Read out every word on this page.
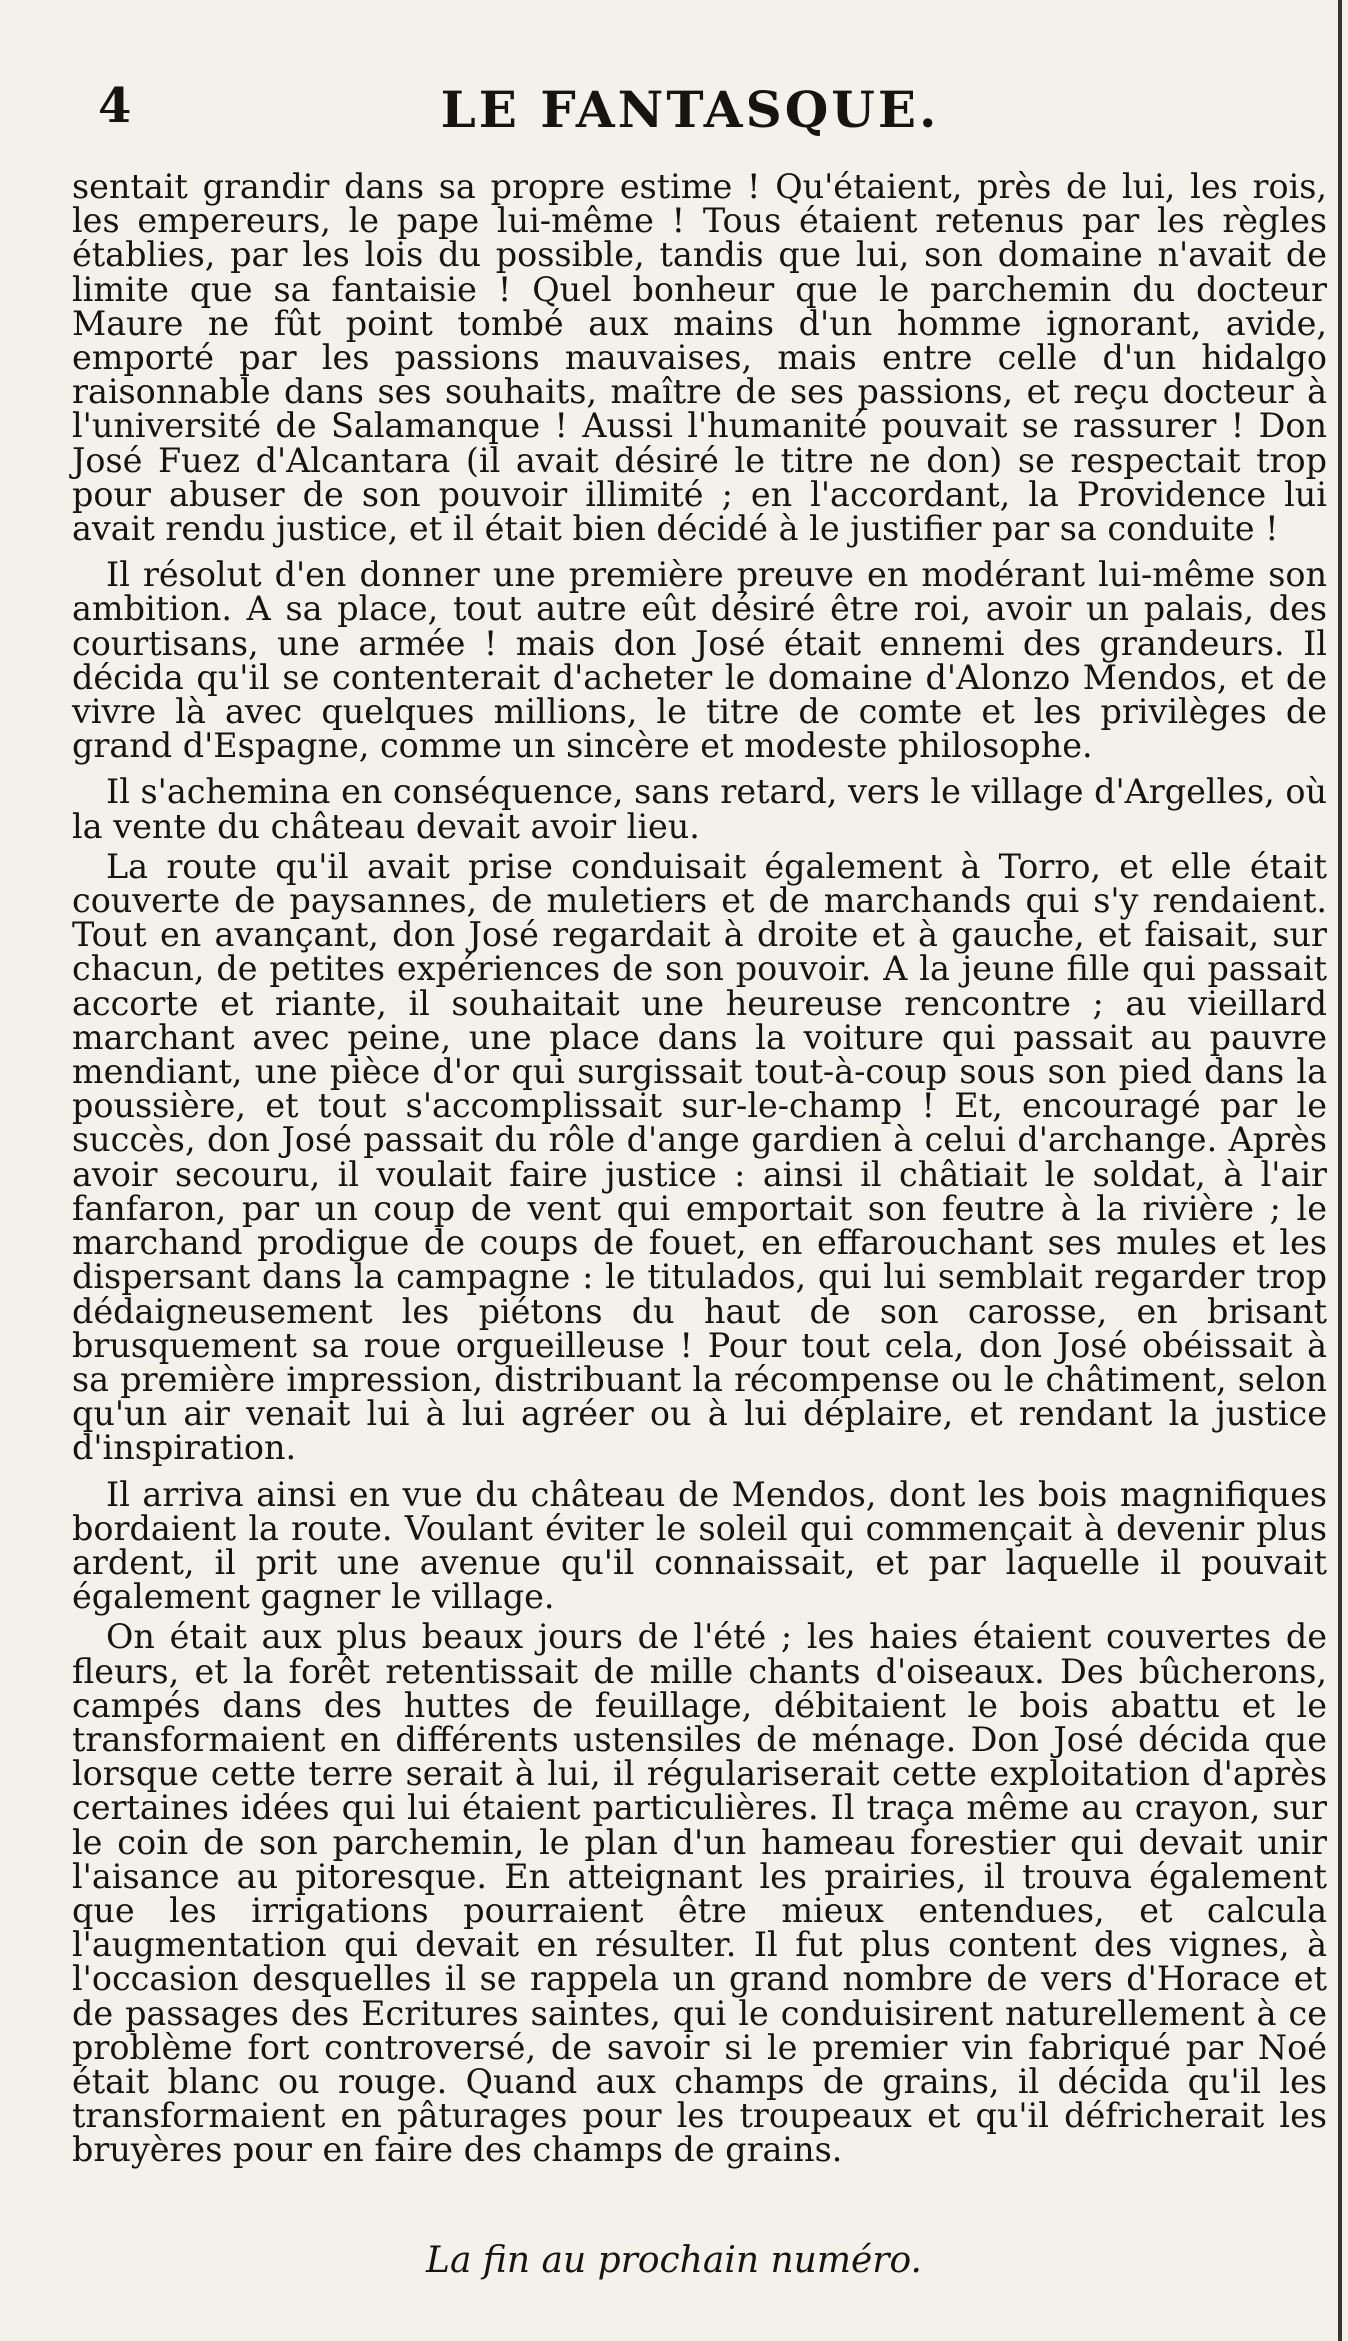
4	LE FANTASQUE.

sentait grandir dans sa propre estime ! Qu'étaient, près de lui, les rois, les empereurs, le pape lui-même ! Tous étaient retenus par les règles établies, par les lois du possible, tandis que lui, son domaine n'avait de limite que sa fantaisie ! Quel bonheur que le parchemin du docteur Maure ne fût point tombé aux mains d'un homme ignorant, avide, emporté par les passions mauvaises, mais entre celle d'un hidalgo raisonnable dans ses souhaits, maître de ses passions, et reçu docteur à l'université de Salamanque ! Aussi l'humanité pouvait se rassurer ! Don José Fuez d'Alcantara (il avait désiré le titre ne don) se respectait trop pour abuser de son pouvoir illimité ; en l'accordant, la Providence lui avait rendu justice, et il était bien décidé à le justifier par sa conduite !

Il résolut d'en donner une première preuve en modérant lui-même son ambition. A sa place, tout autre eût désiré être roi, avoir un palais, des courtisans, une armée ! mais don José était ennemi des grandeurs. Il décida qu'il se contenterait d'acheter le domaine d'Alonzo Mendos, et de vivre là avec quelques millions, le titre de comte et les privilèges de grand d'Espagne, comme un sincère et modeste philosophe.

Il s'achemina en conséquence, sans retard, vers le village d'Argelles, où la vente du château devait avoir lieu.

La route qu'il avait prise conduisait également à Torro, et elle était couverte de paysannes, de muletiers et de marchands qui s'y rendaient. Tout en avançant, don José regardait à droite et à gauche, et faisait, sur chacun, de petites expériences de son pouvoir. A la jeune fille qui passait accorte et riante, il souhaitait une heureuse rencontre ; au vieillard marchant avec peine, une place dans la voiture qui passait au pauvre mendiant, une pièce d'or qui surgissait tout-à-coup sous son pied dans la poussière, et tout s'accomplissait sur-le-champ ! Et, encouragé par le succès, don José passait du rôle d'ange gardien à celui d'archange. Après avoir secouru, il voulait faire justice : ainsi il châtiait le soldat, à l'air fanfaron, par un coup de vent qui emportait son feutre à la rivière ; le marchand prodigue de coups de fouet, en effarouchant ses mules et les dispersant dans la campagne : le titulados, qui lui semblait regarder trop dédaigneusement les piétons du haut de son carosse, en brisant brusquement sa roue orgueilleuse ! Pour tout cela, don José obéissait à sa première impression, distribuant la récompense ou le châtiment, selon qu'un air venait lui à lui agréer ou à lui déplaire, et rendant la justice d'inspiration.

Il arriva ainsi en vue du château de Mendos, dont les bois magnifiques bordaient la route. Voulant éviter le soleil qui commençait à devenir plus ardent, il prit une avenue qu'il connaissait, et par laquelle il pouvait également gagner le village.

On était aux plus beaux jours de l'été ; les haies étaient couvertes de fleurs, et la forêt retentissait de mille chants d'oiseaux. Des bûcherons, campés dans des huttes de feuillage, débitaient le bois abattu et le transformaient en différents ustensiles de ménage. Don José décida que lorsque cette terre serait à lui, il régulariserait cette exploitation d'après certaines idées qui lui étaient particulières. Il traça même au crayon, sur le coin de son parchemin, le plan d'un hameau forestier qui devait unir l'aisance au pitoresque. En atteignant les prairies, il trouva également que les irrigations pourraient être mieux entendues, et calcula l'augmentation qui devait en résulter. Il fut plus content des vignes, à l'occasion desquelles il se rappela un grand nombre de vers d'Horace et de passages des Ecritures saintes, qui le conduisirent naturellement à ce problème fort controversé, de savoir si le premier vin fabriqué par Noé était blanc ou rouge. Quand aux champs de grains, il décida qu'il les transformaient en pâturages pour les troupeaux et qu'il défricherait les bruyères pour en faire des champs de grains.

La fin au prochain numéro.
